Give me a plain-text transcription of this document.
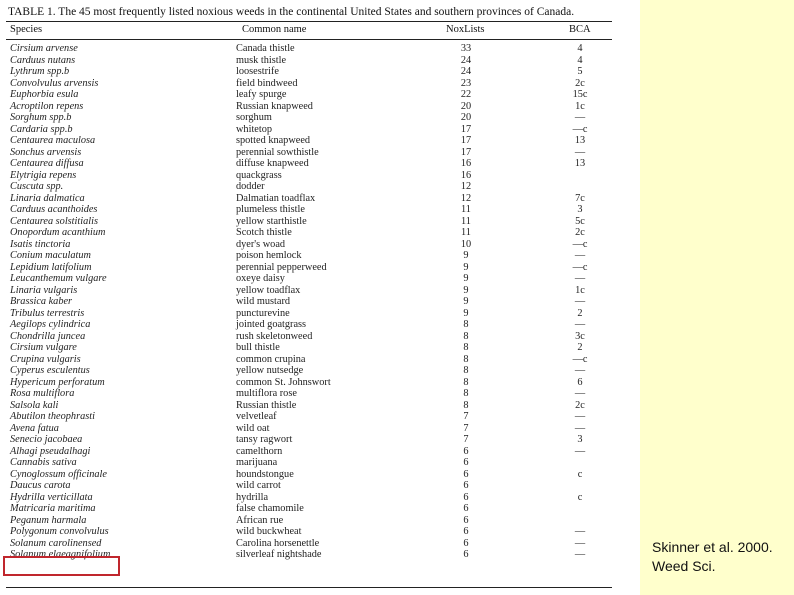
TABLE 1. The 45 most frequently listed noxious weeds in the continental United States and southern provinces of Canada.
Species	Common name	NoxLists	BCA
Cirsium arvense	Canada thistle	33	4
Carduus nutans	musk thistle	24	4
Lythrum spp.b	loosestrife	24	5
Convolvulus arvensis	field bindweed	23	2c
Euphorbia esula	leafy spurge	22	15c
Acroptilon repens	Russian knapweed	20	1c
Sorghum spp.b	sorghum	20	—
Cardaria spp.b	whitetop	17	—c
Centaurea maculosa	spotted knapweed	17	13
Sonchus arvensis	perennial sowthistle	17	—
Centaurea diffusa	diffuse knapweed	16	13
Elytrigia repens	quackgrass	16
Cuscuta spp.	dodder	12
Linaria dalmatica	Dalmatian toadflax	12	7c
Carduus acanthoides	plumeless thistle	11	3
Centaurea solstitialis	yellow starthistle	11	5c
Onopordum acanthium	Scotch thistle	11	2c
Isatis tinctoria	dyer's woad	10	—c
Conium maculatum	poison hemlock	9	—
Lepidium latifolium	perennial pepperweed	9	—c
Leucanthemum vulgare	oxeye daisy	9	—
Linaria vulgaris	yellow toadflax	9	1c
Brassica kaber	wild mustard	9	—
Tribulus terrestris	puncturevine	9	2
Aegilops cylindrica	jointed goatgrass	8	—
Chondrilla juncea	rush skeletonweed	8	3c
Cirsium vulgare	bull thistle	8	2
Crupina vulgaris	common crupina	8	—c
Cyperus esculentus	yellow nutsedge	8	—
Hypericum perforatum	common St. Johnswort	8	6
Rosa multiflora	multiflora rose	8	—
Salsola kali	Russian thistle	8	2c
Abutilon theophrasti	velvetleaf	7	—
Avena fatua	wild oat	7	—
Senecio jacobaea	tansy ragwort	7	3
Alhagi pseudalhagi	camelthorn	6	—
Cannabis sativa	marijuana	6
Cynoglossum officinale	houndstongue	6	c
Daucus carota	wild carrot	6
Hydrilla verticillata	hydrilla	6	c
Matricaria maritima	false chamomile	6
Peganum harmala	African rue	6
Polygonum convolvulus	wild buckwheat	6	—
Solanum carolinensed	Carolina horsenettle	6	—
Solanum elaeagnifolium	silverleaf nightshade	6	—	Skinner et al. 2000.
Weed Sci.
